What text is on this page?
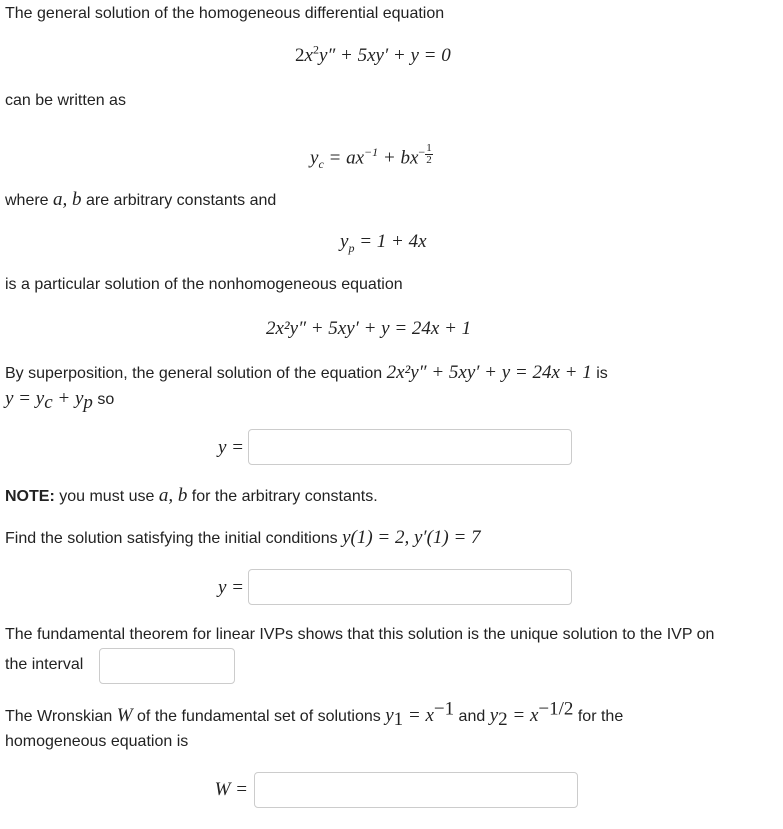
The general solution of the homogeneous differential equation
$2x^2y'' + 5xy' + y = 0$
can be written as
$y_c = ax^{-1} + bx^{- \frac{1}{2}}$
where a, b are arbitrary constants and
$y_p = 1 + 4x$
is a particular solution of the nonhomogeneous equation
2x²y″ + 5xy′ + y = 24x + 1
By superposition, the general solution of the equation 2x²y″ + 5xy′ + y = 24x + 1 is
$y = y_c + y_p$ so
y =
NOTE: you must use a, b for the arbitrary constants.
Find the solution satisfying the initial conditions y(1) = 2, y′(1) = 7
y =
The fundamental theorem for linear IVPs shows that this solution is the unique solution to the IVP on
the interval
The Wronskian W of the fundamental set of solutions $y_1 = x^{-1}$ and $y_2 = x^{-1/2}$ for the
homogeneous equation is
W =
